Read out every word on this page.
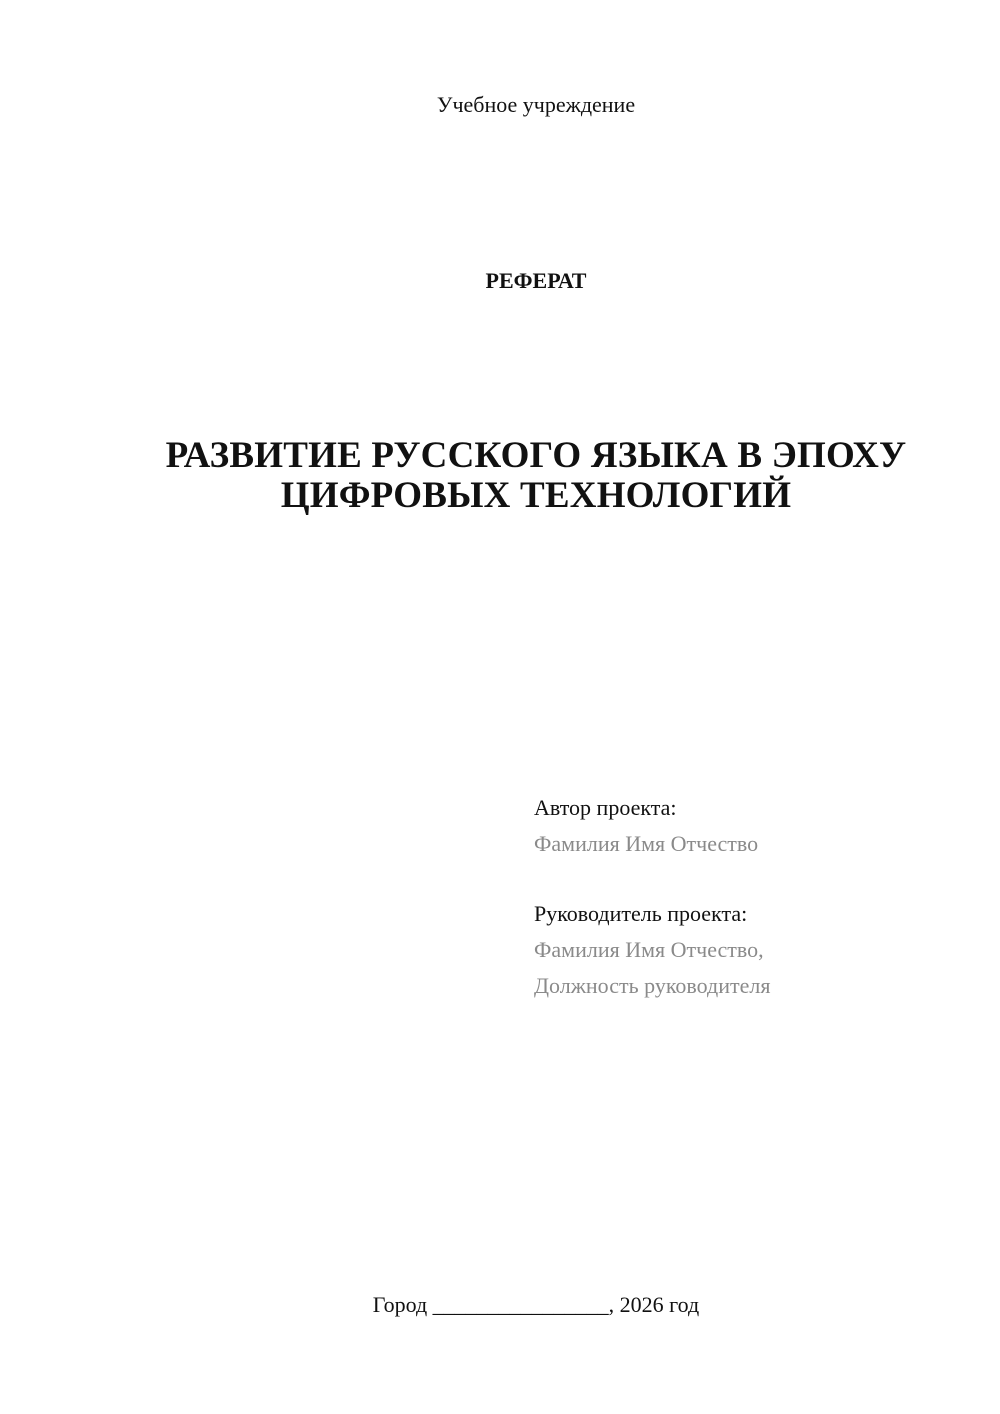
Учебное учреждение
РЕФЕРАТ
РАЗВИТИЕ РУССКОГО ЯЗЫКА В ЭПОХУ
ЦИФРОВЫХ ТЕХНОЛОГИЙ
Автор проекта:
Фамилия Имя Отчество
Руководитель проекта:
Фамилия Имя Отчество,
Должность руководителя
Город ________________, 2026 год
